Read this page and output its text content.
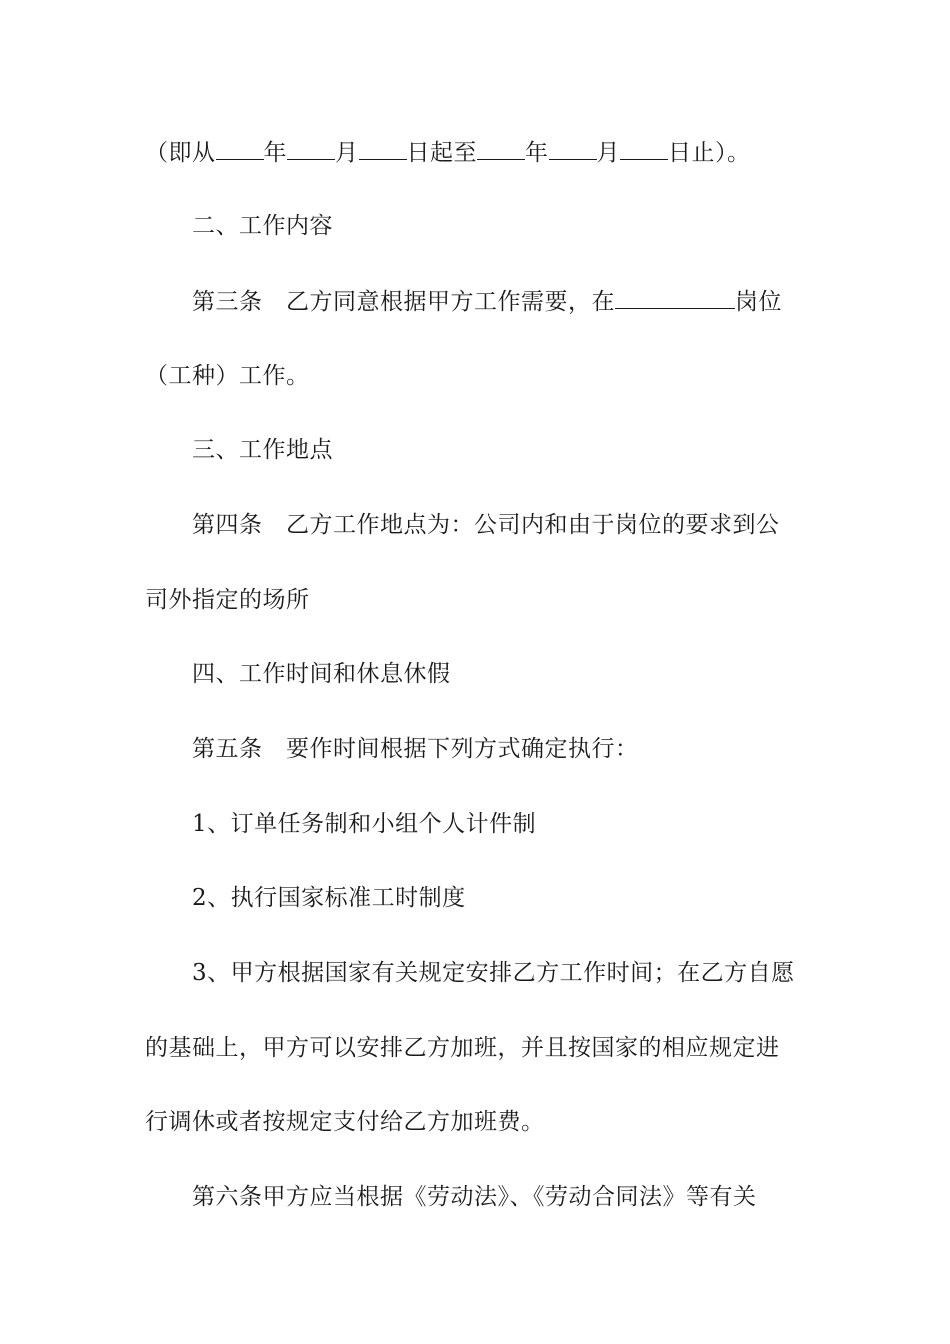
（即从 年 月 日起至 年 月 日止）。
二、工作内容
第三条　乙方同意根据甲方工作需要，在	岗位
（工种）工作。
三、工作地点
第四条　乙方工作地点为：公司内和由于岗位的要求到公
司外指定的场所
四、工作时间和休息休假
第五条　要作时间根据下列方式确定执行：
1、订单任务制和小组个人计件制
2、执行国家标准工时制度
3、甲方根据国家有关规定安排乙方工作时间；在乙方自愿
的基础上，甲方可以安排乙方加班，并且按国家的相应规定进
行调休或者按规定支付给乙方加班费。
第六条甲方应当根据《劳动法》、《劳动合同法》等有关
